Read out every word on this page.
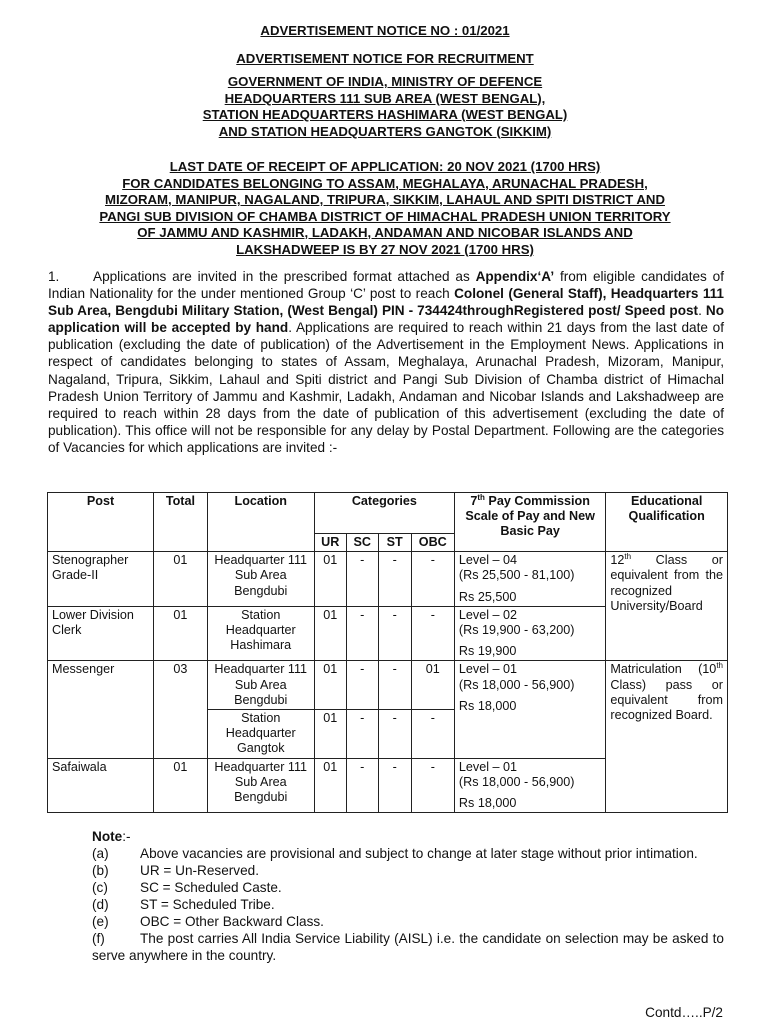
ADVERTISEMENT NOTICE NO : 01/2021
ADVERTISEMENT NOTICE FOR RECRUITMENT
GOVERNMENT OF INDIA, MINISTRY OF DEFENCE
HEADQUARTERS 111 SUB AREA (WEST BENGAL),
STATION HEADQUARTERS HASHIMARA (WEST BENGAL)
AND STATION HEADQUARTERS GANGTOK (SIKKIM)
LAST DATE OF RECEIPT OF APPLICATION: 20 NOV 2021 (1700 HRS)
FOR CANDIDATES BELONGING TO ASSAM, MEGHALAYA, ARUNACHAL PRADESH,
MIZORAM, MANIPUR, NAGALAND, TRIPURA, SIKKIM, LAHAUL AND SPITI DISTRICT AND
PANGI SUB DIVISION OF CHAMBA DISTRICT OF HIMACHAL PRADESH UNION TERRITORY
OF JAMMU AND KASHMIR, LADAKH, ANDAMAN AND NICOBAR ISLANDS AND
LAKSHADWEEP IS BY 27 NOV 2021 (1700 HRS)
1. Applications are invited in the prescribed format attached as Appendix‘A’ from eligible candidates of Indian Nationality for the under mentioned Group ‘C’ post to reach Colonel (General Staff), Headquarters 111 Sub Area, Bengdubi Military Station, (West Bengal) PIN - 734424throughRegistered post/ Speed post. No application will be accepted by hand. Applications are required to reach within 21 days from the last date of publication (excluding the date of publication) of the Advertisement in the Employment News. Applications in respect of candidates belonging to states of Assam, Meghalaya, Arunachal Pradesh, Mizoram, Manipur, Nagaland, Tripura, Sikkim, Lahaul and Spiti district and Pangi Sub Division of Chamba district of Himachal Pradesh Union Territory of Jammu and Kashmir, Ladakh, Andaman and Nicobar Islands and Lakshadweep are required to reach within 28 days from the date of publication of this advertisement (excluding the date of publication). This office will not be responsible for any delay by Postal Department. Following are the categories of Vacancies for which applications are invited :-
Post	Total	Location	Categories				7th Pay Commission Scale of Pay and New Basic Pay	Educational Qualification
			UR	SC	ST	OBC		
Stenographer Grade-II	01	Headquarter 111 Sub Area Bengdubi	01	-	-	-	Level – 04
(Rs 25,500 - 81,100)
Rs 25,500	12th Class or equivalent from the recognized University/Board
Lower Division Clerk	01	Station Headquarter Hashimara	01	-	-	-	Level – 02
(Rs 19,900 - 63,200)
Rs 19,900	

Messenger	03	Headquarter 111 Sub Area Bengdubi	01	-	-	01	Level – 01
(Rs 18,000 - 56,900)
Rs 18,000	Matriculation (10th Class) pass or equivalent from recognized Board.
		Station Headquarter Gangtok	01	-	-	-		
Safaiwala	01	Headquarter 111 Sub Area Bengdubi	01	-	-	-	Level – 01
(Rs 18,000 - 56,900)
Rs 18,000	
Note:-
(a) Above vacancies are provisional and subject to change at later stage without prior intimation.
(b) UR = Un-Reserved.
(c) SC = Scheduled Caste.
(d) ST = Scheduled Tribe.
(e) OBC = Other Backward Class.
(f)	The post carries All India Service Liability (AISL) i.e. the candidate on selection may be asked to serve anywhere in the country.
Contd…..P/2
